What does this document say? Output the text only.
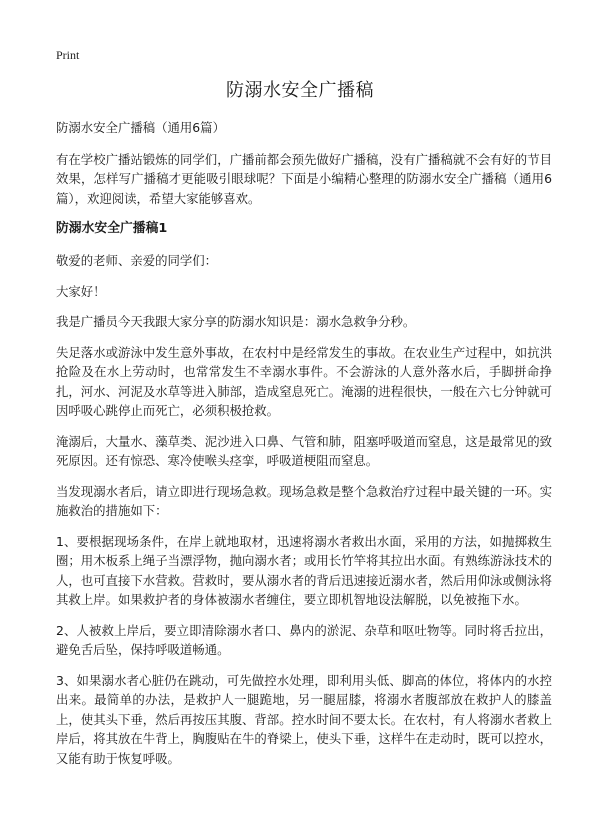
Print
防溺水安全广播稿

防溺水安全广播稿（通用6篇）

有在学校广播站锻炼的同学们，广播前都会预先做好广播稿，没有广播稿就不会有好的节目效果，怎样写广播稿才更能吸引眼球呢？下面是小编精心整理的防溺水安全广播稿（通用6篇），欢迎阅读，希望大家能够喜欢。

防溺水安全广播稿1

敬爱的老师、亲爱的同学们：

大家好！

我是广播员今天我跟大家分享的防溺水知识是：溺水急救争分秒。

失足落水或游泳中发生意外事故，在农村中是经常发生的事故。在农业生产过程中，如抗洪抢险及在水上劳动时，也常常发生不幸溺水事件。不会游泳的人意外落水后，手脚拼命挣扎，河水、河泥及水草等进入肺部，造成窒息死亡。淹溺的进程很快，一般在六七分钟就可因呼吸心跳停止而死亡，必须积极抢救。

淹溺后，大量水、藻草类、泥沙进入口鼻、气管和肺，阻塞呼吸道而窒息，这是最常见的致死原因。还有惊恐、寒冷使喉头痉挛，呼吸道梗阻而窒息。

当发现溺水者后，请立即进行现场急救。现场急救是整个急救治疗过程中最关键的一环。实施救治的措施如下：

1、要根据现场条件，在岸上就地取材，迅速将溺水者救出水面，采用的方法，如抛掷救生圈；用木板系上绳子当漂浮物，抛向溺水者；或用长竹竿将其拉出水面。有熟练游泳技术的人，也可直接下水营救。营救时，要从溺水者的背后迅速接近溺水者，然后用仰泳或侧泳将其救上岸。如果救护者的身体被溺水者缠住，要立即机智地设法解脱，以免被拖下水。

2、人被救上岸后，要立即清除溺水者口、鼻内的淤泥、杂草和呕吐物等。同时将舌拉出，避免舌后坠，保持呼吸道畅通。

3、如果溺水者心脏仍在跳动，可先做控水处理，即利用头低、脚高的体位，将体内的水控出来。最简单的办法，是救护人一腿跪地，另一腿屈膝，将溺水者腹部放在救护人的膝盖上，使其头下垂，然后再按压其腹、背部。控水时间不要太长。在农村，有人将溺水者救上岸后，将其放在牛背上，胸腹贴在牛的脊梁上，使头下垂，这样牛在走动时，既可以控水，又能有助于恢复呼吸。
